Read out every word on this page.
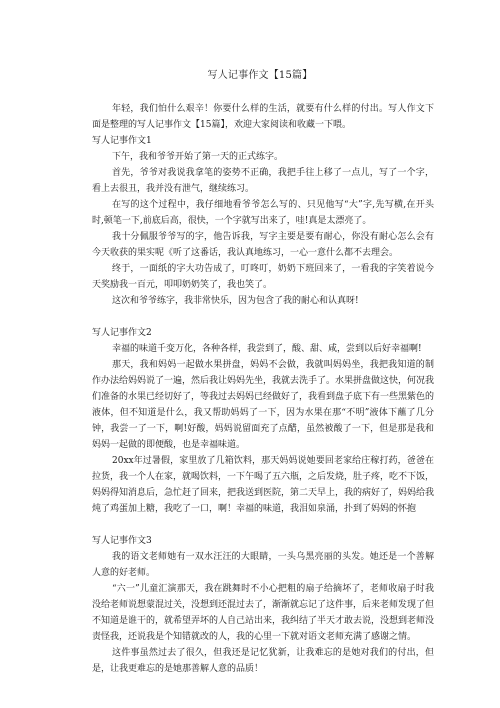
写人记事作文【15篇】

年轻，我们怕什么艰辛！你要什么样的生活，就要有什么样的付出。写人作文下面是整理的写人记事作文【15篇】，欢迎大家阅读和收藏一下喂。

写人记事作文1

下午，我和爷爷开始了第一天的正式练字。

首先，爷爷对我说我拿笔的姿势不正确，我把手往上移了一点儿，写了一个字，看上去很丑，我并没有泄气，继续练习。

在写的这个过程中，我仔细地看爷爷怎么写的、只见他写“大”字,先写横,在开头时,顿笔一下,前底后高，很快，一个字就写出来了，哇!真是太漂亮了。

我十分佩服爷爷写的字，他告诉我，写字主要是要有耐心，你没有耐心怎么会有今天收获的果实呢《听了这番话，我认真地练习，一心一意什么都不去理会。

终于，一面纸的字大功告成了，叮咚叮，奶奶下班回来了，一看我的字笑着说今天奖励我一百元，叩叩奶奶笑了，我也笑了。

这次和爷爷练字，我非常快乐，因为包含了我的耐心和认真呀!

写人记事作文2

幸福的味道千变万化，各种各样，我尝到了，酸、甜、咸，尝到以后好幸福啊!

那天，我和妈妈一起做水果拼盘，妈妈不会做，我就叫妈妈坐，我把我知道的制作办法给妈妈说了一遍，然后我让妈妈先坐，我就去洗手了。水果拼盘做这快，何况我们准备的水果已经切好了，等我过去妈妈已经做好了，我看到盘子底下有一些黑紫色的液体，但不知道是什么，我又帮助妈妈了一下，因为水果在那“不明”液体下蘸了几分钟，我尝一了一下，啊!好酸，妈妈说留面充了点醋，虽然被酸了一下，但是那是我和妈妈一起做的即便酸，也是幸福味道。

20xx年过暑假，家里放了几箱饮料，那天妈妈说她要回老家给庄稼打药，爸爸在拉货，我一个人在家，就喝饮料，一下午喝了五六瓶，之后发烧，肚子疼，吃不下饭，妈妈得知消息后，急忙赶了回来，把我送到医院，第二天早上，我的病好了，妈妈给我炖了鸡蛋加上糖，我吃了一口，啊！幸福的味道，我泪如泉涌，扑到了妈妈的怀抱

写人记事作文3

我的语文老师她有一双水汪汪的大眼睛，一头乌黑亮丽的头发。她还是一个善解人意的好老师。

“六一”儿童汇演那天，我在跳舞时不小心把粗的扇子给摘坏了，老师收扇子时我没给老师说想蒙混过关，没想到还混过去了，渐渐就忘记了这件事，后来老师发现了但不知道是谁干的，就希望弄坏的人自己站出来，我纠结了半天才敢去说，没想到老师没责怪我，还说我是个知错就改的人，我的心里一下就对语文老师充满了感谢之情。

这件事虽然过去了很久，但我还是记忆犹新，让我难忘的是她对我们的付出，但是，让我更难忘的是她那善解人意的品质！
